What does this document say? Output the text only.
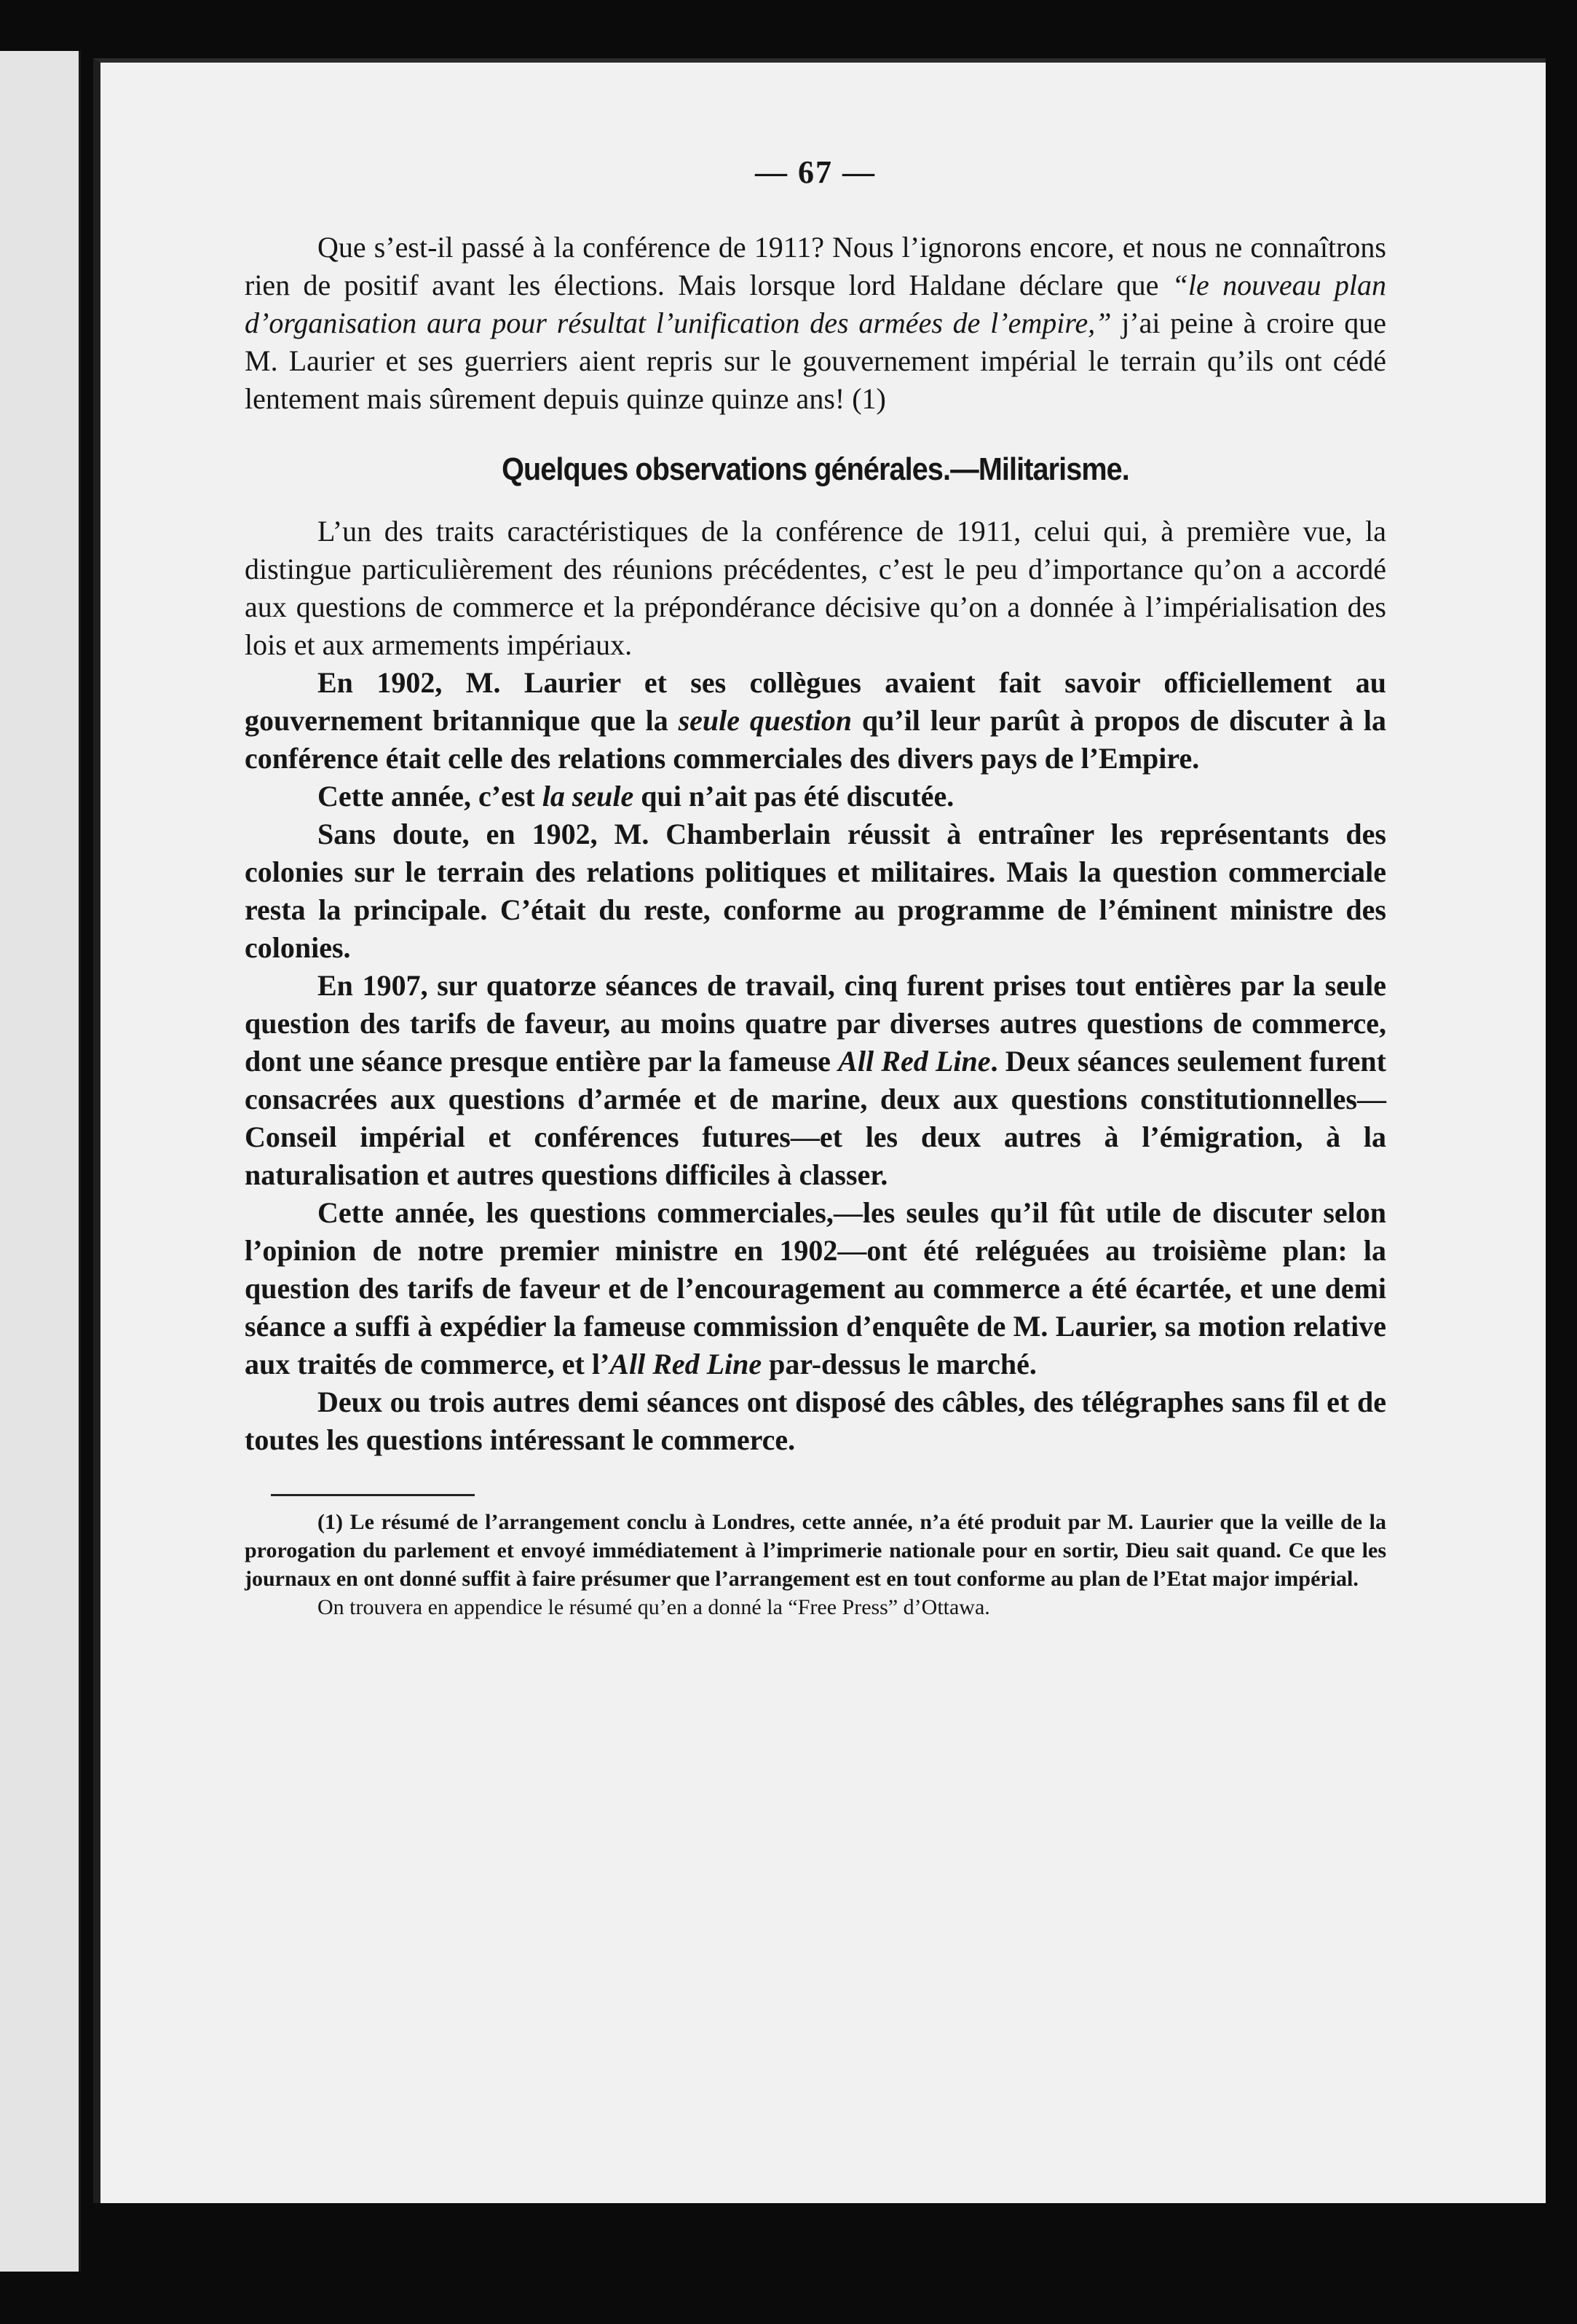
— 67 —

Que s’est-il passé à la conférence de 1911? Nous l’ignorons encore, et nous ne connaîtrons rien de positif avant les élections. Mais lorsque lord Haldane déclare que “le nouveau plan d’organisation aura pour résultat l’unification des armées de l’empire,” j’ai peine à croire que M. Laurier et ses guerriers aient repris sur le gouvernement impérial le terrain qu’ils ont cédé lentement mais sûrement depuis quinze quinze ans! (1)

Quelques observations générales.—Militarisme.

L’un des traits caractéristiques de la conférence de 1911, celui qui, à première vue, la distingue particulièrement des réunions précédentes, c’est le peu d’importance qu’on a accordé aux questions de commerce et la prépondérance décisive qu’on a donnée à l’impérialisation des lois et aux armements impériaux.

En 1902, M. Laurier et ses collègues avaient fait savoir officiellement au gouvernement britannique que la seule question qu’il leur parût à propos de discuter à la conférence était celle des relations commerciales des divers pays de l’Empire.

Cette année, c’est la seule qui n’ait pas été discutée.

Sans doute, en 1902, M. Chamberlain réussit à entraîner les représentants des colonies sur le terrain des relations politiques et militaires. Mais la question commerciale resta la principale. C’était du reste, conforme au programme de l’éminent ministre des colonies.

En 1907, sur quatorze séances de travail, cinq furent prises tout entières par la seule question des tarifs de faveur, au moins quatre par diverses autres questions de commerce, dont une séance presque entière par la fameuse All Red Line. Deux séances seulement furent consacrées aux questions d’armée et de marine, deux aux questions constitutionnelles—Conseil impérial et conférences futures—et les deux autres à l’émigration, à la naturalisation et autres questions difficiles à classer.

Cette année, les questions commerciales,—les seules qu’il fût utile de discuter selon l’opinion de notre premier ministre en 1902—ont été reléguées au troisième plan: la question des tarifs de faveur et de l’encouragement au commerce a été écartée, et une demi séance a suffi à expédier la fameuse commission d’enquête de M. Laurier, sa motion relative aux traités de commerce, et l’All Red Line par-dessus le marché.

Deux ou trois autres demi séances ont disposé des câbles, des télégraphes sans fil et de toutes les questions intéressant le commerce.

(1) Le résumé de l’arrangement conclu à Londres, cette année, n’a été produit par M. Laurier que la veille de la prorogation du parlement et envoyé immédiatement à l’imprimerie nationale pour en sortir, Dieu sait quand. Ce que les journaux en ont donné suffit à faire présumer que l’arrangement est en tout conforme au plan de l’Etat major impérial.

On trouvera en appendice le résumé qu’en a donné la “Free Press” d’Ottawa.
